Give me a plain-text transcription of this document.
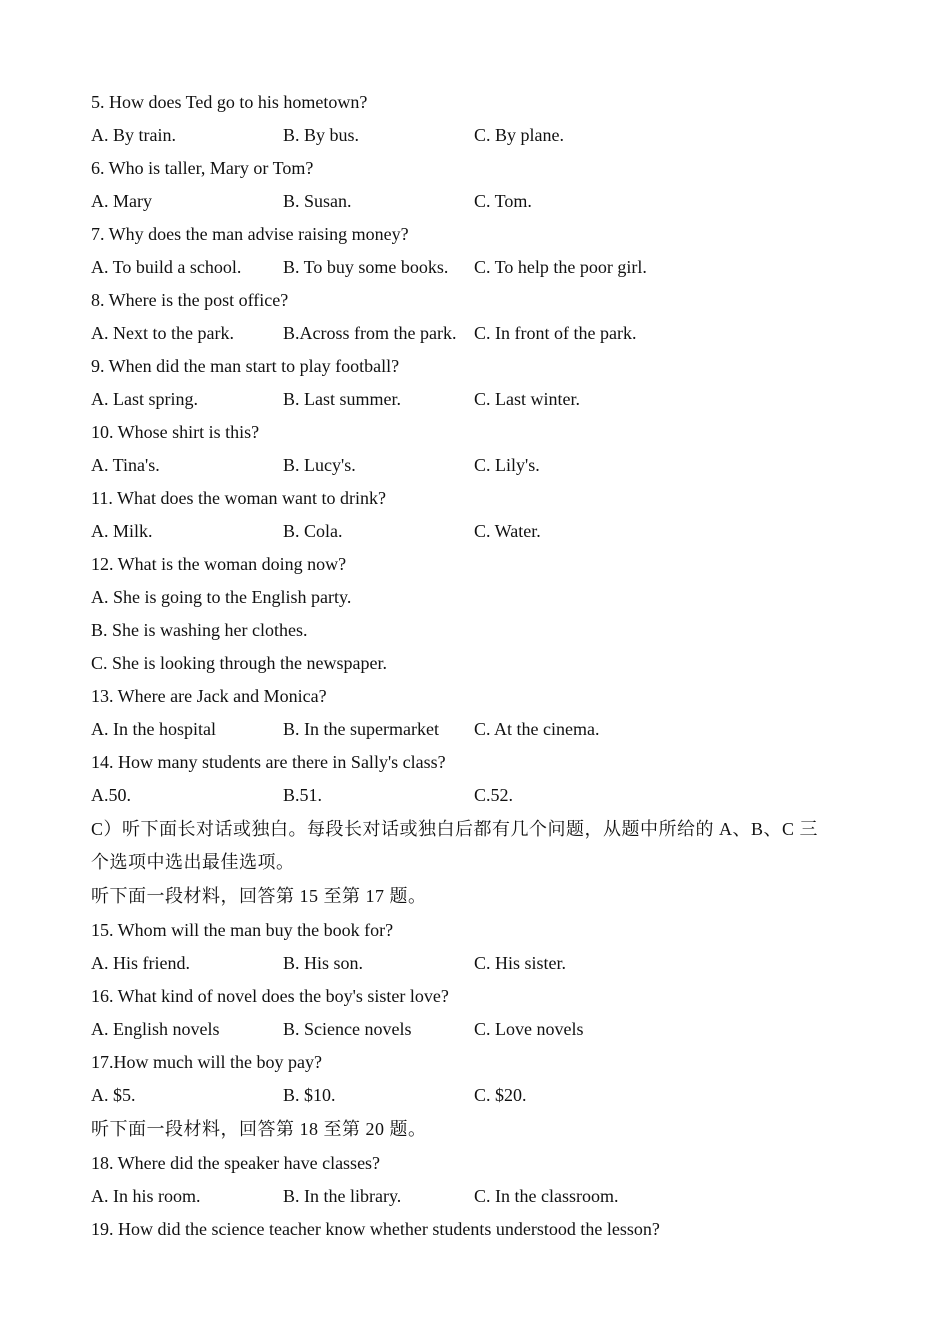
5. How does Ted go to his hometown?
A. By train.	B. By bus.	C. By plane.
6. Who is taller, Mary or Tom?
A. Mary	B. Susan.	C. Tom.
7. Why does the man advise raising money?
A. To build a school. B. To buy some books. C. To help the poor girl.
8. Where is the post office?
A. Next to the park.	B.Across from the park. C. In front of the park.
9. When did the man start to play football?
A. Last spring.	B. Last summer.	C. Last winter.
10. Whose shirt is this?
A. Tina's.	B. Lucy's.	C. Lily's.
11. What does the woman want to drink?
A. Milk.	B. Cola.	C. Water.
12. What is the woman doing now?
A. She is going to the English party.
B. She is washing her clothes.
C. She is looking through the newspaper.
13. Where are Jack and Monica?
A. In the hospital	B. In the supermarket C. At the cinema.
14. How many students are there in Sally's class?
A.50.	B.51.	C.52.
C）听下面长对话或独白。每段长对话或独白后都有几个问题，从题中所给的 A、B、C 三
个选项中选出最佳选项。
听下面一段材料，回答第 15 至第 17 题。
15. Whom will the man buy the book for?
A. His friend.	B. His son.	C. His sister.
16. What kind of novel does the boy's sister love?
A. English novels	B. Science novels	C. Love novels
17.How much will the boy pay?
A. $5.	B. $10.	C. $20.
听下面一段材料，回答第 18 至第 20 题。
18. Where did the speaker have classes?
A. In his room.	B. In the library.	C. In the classroom.
19. How did the science teacher know whether students understood the lesson?
